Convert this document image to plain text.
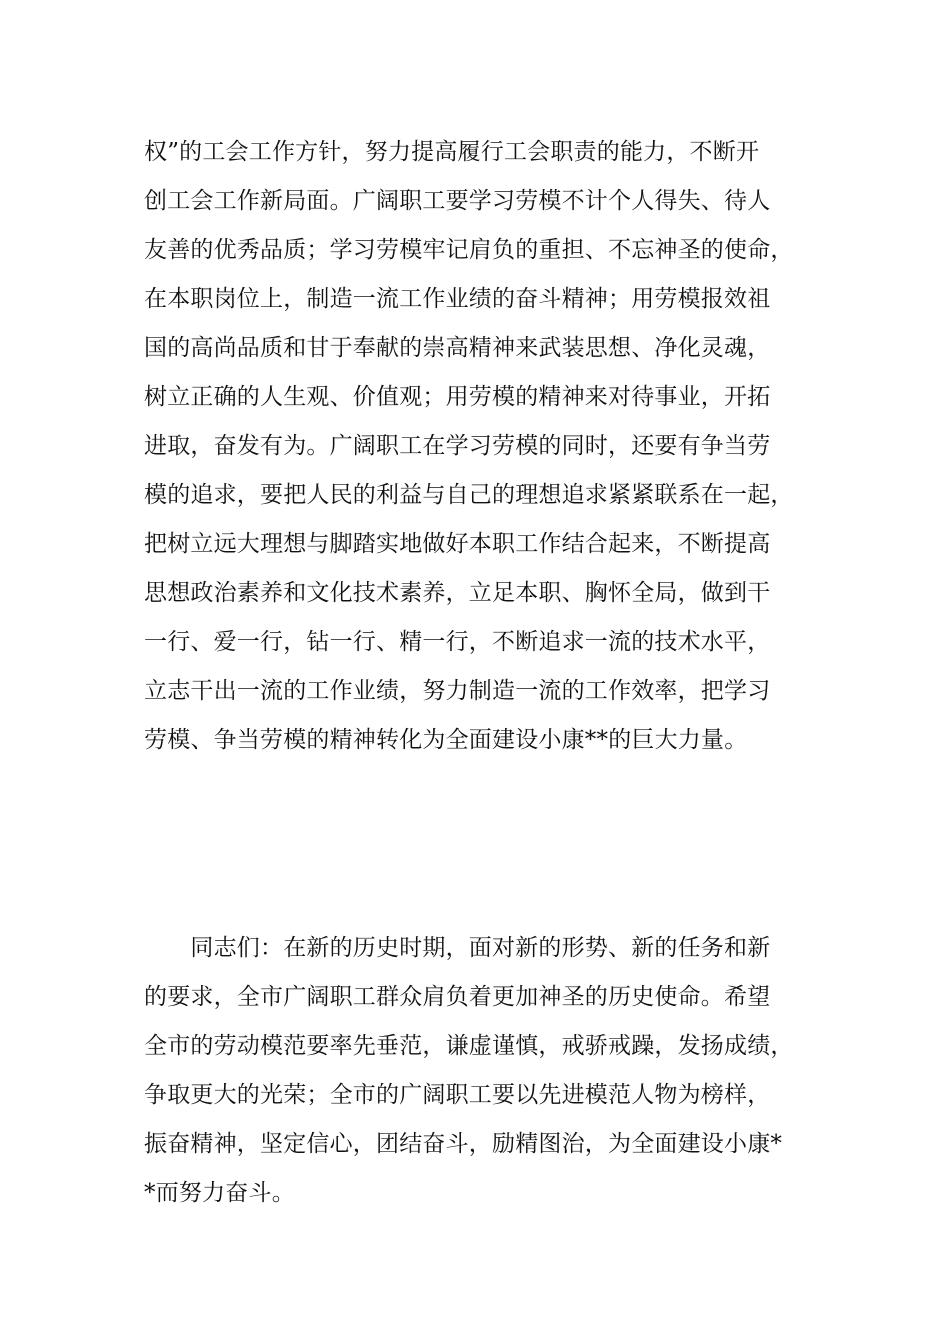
权”的工会工作方针，努力提高履行工会职责的能力，不断开
创工会工作新局面。广阔职工要学习劳模不计个人得失、待人
友善的优秀品质；学习劳模牢记肩负的重担、不忘神圣的使命，
在本职岗位上，制造一流工作业绩的奋斗精神；用劳模报效祖
国的高尚品质和甘于奉献的崇高精神来武装思想、净化灵魂，
树立正确的人生观、价值观；用劳模的精神来对待事业，开拓
进取，奋发有为。广阔职工在学习劳模的同时，还要有争当劳
模的追求，要把人民的利益与自己的理想追求紧紧联系在一起，
把树立远大理想与脚踏实地做好本职工作结合起来，不断提高
思想政治素养和文化技术素养，立足本职、胸怀全局，做到干
一行、爱一行，钻一行、精一行，不断追求一流的技术水平，
立志干出一流的工作业绩，努力制造一流的工作效率，把学习
劳模、争当劳模的精神转化为全面建设小康**的巨大力量。
　　同志们：在新的历史时期，面对新的形势、新的任务和新
的要求，全市广阔职工群众肩负着更加神圣的历史使命。希望
全市的劳动模范要率先垂范，谦虚谨慎，戒骄戒躁，发扬成绩，
争取更大的光荣；全市的广阔职工要以先进模范人物为榜样，
振奋精神，坚定信心，团结奋斗，励精图治，为全面建设小康*
*而努力奋斗。
